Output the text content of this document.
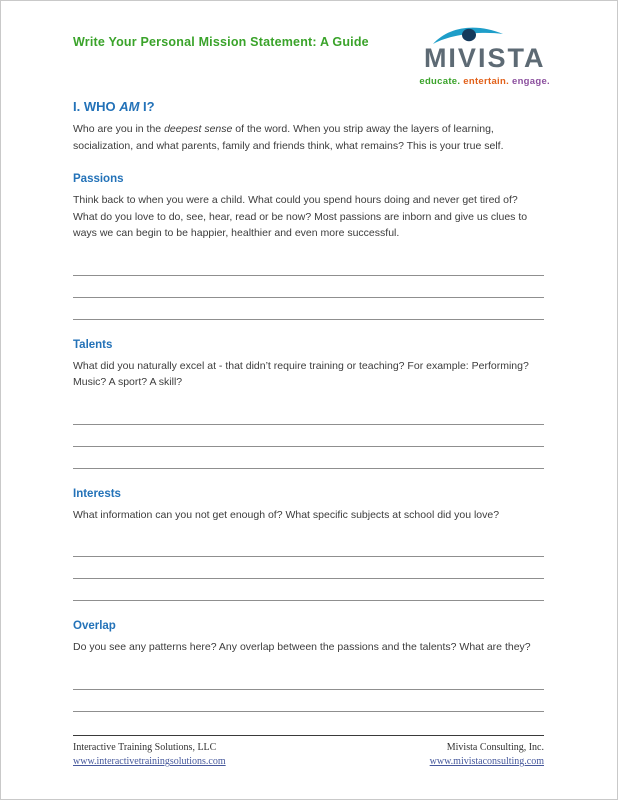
Write Your Personal Mission Statement: A Guide
MIVISTA
educate. entertain. engage.
I. WHO AM I?

Who are you in the deepest sense of the word. When you strip away the layers of learning, socialization, and what parents, family and friends think, what remains? This is your true self.

Passions

Think back to when you were a child. What could you spend hours doing and never get tired of? What do you love to do, see, hear, read or be now? Most passions are inborn and give us clues to ways we can begin to be happier, healthier and even more successful.

Talents

What did you naturally excel at - that didn’t require training or teaching? For example: Performing? Music? A sport? A skill?

Interests

What information can you not get enough of? What specific subjects at school did you love?

Overlap

Do you see any patterns here? Any overlap between the passions and the talents? What are they?

Interactive Training Solutions, LLC
www.interactivetrainingsolutions.com
Mivista Consulting, Inc.
www.mivistaconsulting.com
